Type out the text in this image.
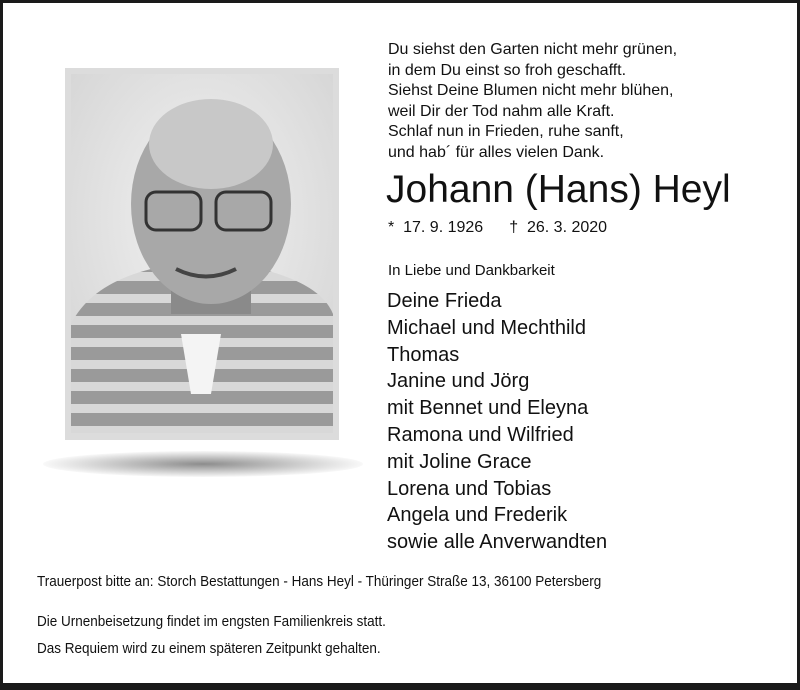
Du siehst den Garten nicht mehr grünen,
in dem Du einst so froh geschafft.
Siehst Deine Blumen nicht mehr blühen,
weil Dir der Tod nahm alle Kraft.
Schlaf nun in Frieden, ruhe sanft,
und hab´ für alles vielen Dank.
Johann (Hans) Heyl
*  17. 9. 1926 †  26. 3. 2020
In Liebe und Dankbarkeit
Deine Frieda
Michael und Mechthild
Thomas
Janine und Jörg
mit Bennet und Eleyna
Ramona und Wilfried
mit Joline Grace
Lorena und Tobias
Angela und Frederik
sowie alle Anverwandten
Trauerpost bitte an: Storch Bestattungen - Hans Heyl - Thüringer Straße 13, 36100 Petersberg
Die Urnenbeisetzung findet im engsten Familienkreis statt.
Das Requiem wird zu einem späteren Zeitpunkt gehalten.
